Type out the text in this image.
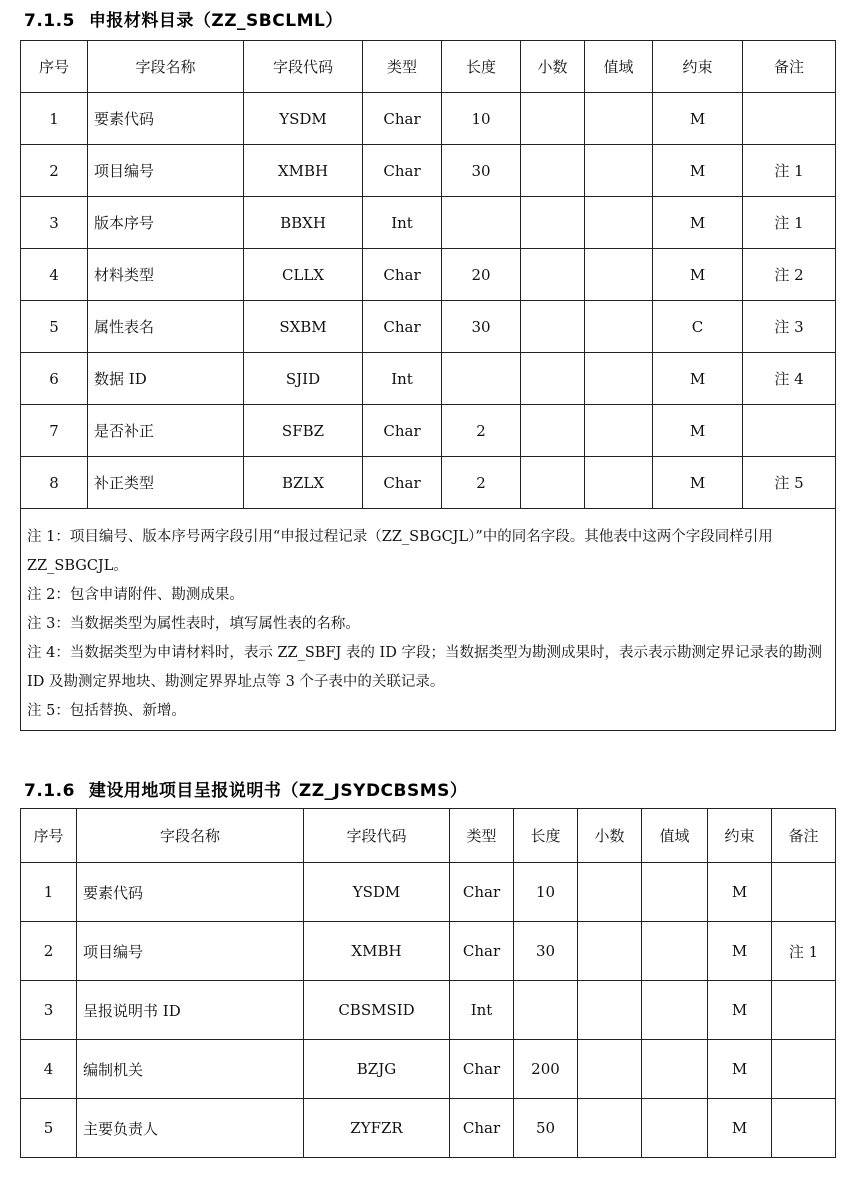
7.1.5 申报材料目录（ZZ_SBCLML）
序号	字段名称	字段代码	类型	长度	小数	值域	约束	备注
1	要素代码	YSDM	Char	10			M	
2	项目编号	XMBH	Char	30			M	注 1
3	版本序号	BBXH	Int				M	注 1
4	材料类型	CLLX	Char	20			M	注 2
5	属性表名	SXBM	Char	30			C	注 3
6	数据 ID	SJID	Int				M	注 4
7	是否补正	SFBZ	Char	2			M	
8	补正类型	BZLX	Char	2			M	注 5

注 1：项目编号、版本序号两字段引用“申报过程记录（ZZ_SBGCJL）”中的同名字段。其他表中这两个字段同样引用 ZZ_SBGCJL。
注 2：包含申请附件、勘测成果。
注 3：当数据类型为属性表时，填写属性表的名称。
注 4：当数据类型为申请材料时，表示 ZZ_SBFJ 表的 ID 字段；当数据类型为勘测成果时，表示表示勘测定界记录表的勘测 ID 及勘测定界地块、勘测定界界址点等 3 个子表中的关联记录。
注 5：包括替换、新增。								
7.1.6 建设用地项目呈报说明书（ZZ_JSYDCBSMS）
序号	字段名称	字段代码	类型	长度	小数	值域	约束	备注
1	要素代码	YSDM	Char	10			M	
2	项目编号	XMBH	Char	30			M	注 1
3	呈报说明书 ID	CBSMSID	Int				M	
4	编制机关	BZJG	Char	200			M	
5	主要负责人	ZYFZR	Char	50			M	
